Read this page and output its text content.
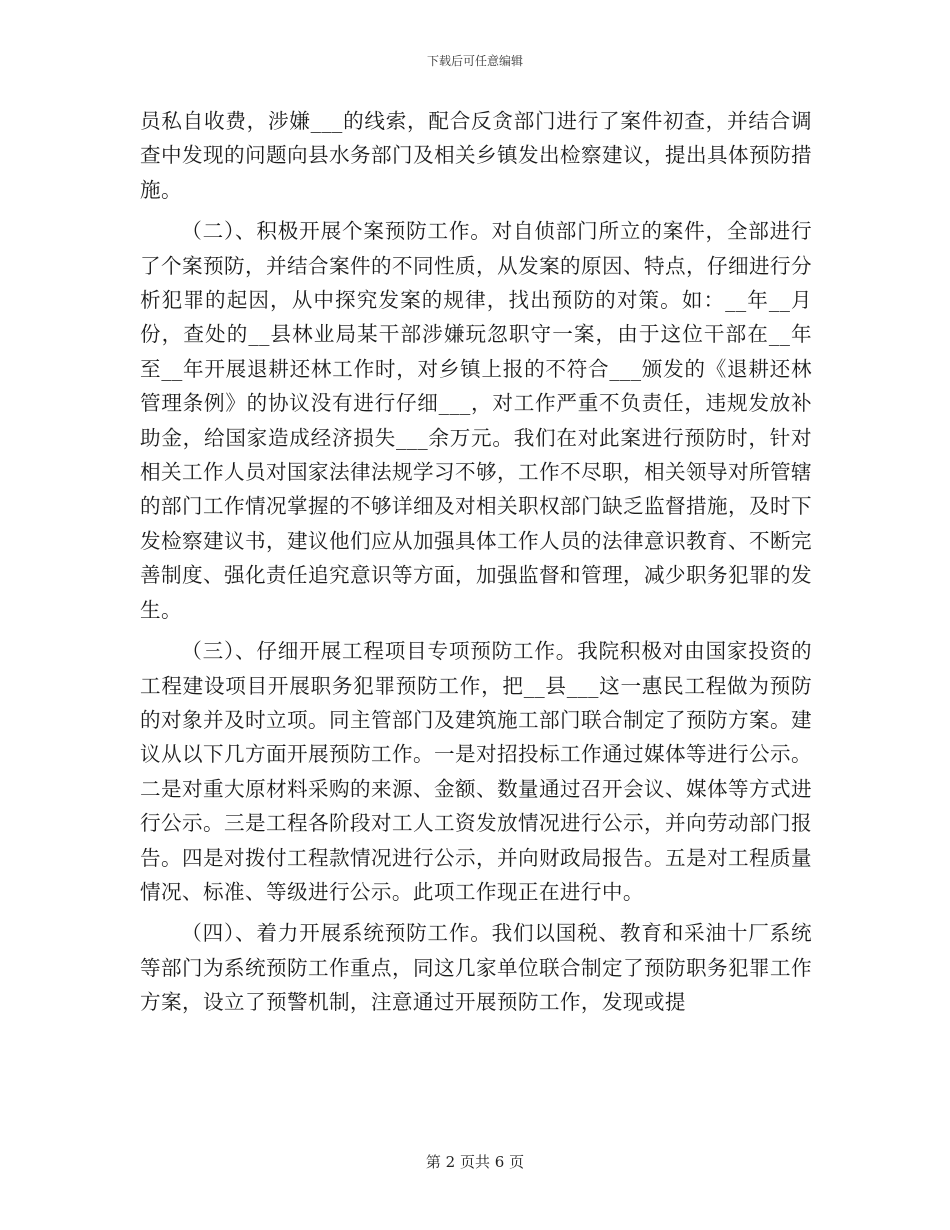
下载后可任意编辑

员私自收费，涉嫌___的线索，配合反贪部门进行了案件初查，并结合调查中发现的问题向县水务部门及相关乡镇发出检察建议，提出具体预防措施。

（二）、积极开展个案预防工作。对自侦部门所立的案件，全部进行了个案预防，并结合案件的不同性质，从发案的原因、特点，仔细进行分析犯罪的起因，从中探究发案的规律，找出预防的对策。如：__年__月份，查处的__县林业局某干部涉嫌玩忽职守一案，由于这位干部在__年至__年开展退耕还林工作时，对乡镇上报的不符合___颁发的《退耕还林管理条例》的协议没有进行仔细___，对工作严重不负责任，违规发放补助金，给国家造成经济损失___余万元。我们在对此案进行预防时，针对相关工作人员对国家法律法规学习不够，工作不尽职，相关领导对所管辖的部门工作情况掌握的不够详细及对相关职权部门缺乏监督措施，及时下发检察建议书，建议他们应从加强具体工作人员的法律意识教育、不断完善制度、强化责任追究意识等方面，加强监督和管理，减少职务犯罪的发生。

（三）、仔细开展工程项目专项预防工作。我院积极对由国家投资的工程建设项目开展职务犯罪预防工作，把__县___这一惠民工程做为预防的对象并及时立项。同主管部门及建筑施工部门联合制定了预防方案。建议从以下几方面开展预防工作。一是对招投标工作通过媒体等进行公示。二是对重大原材料采购的来源、金额、数量通过召开会议、媒体等方式进行公示。三是工程各阶段对工人工资发放情况进行公示，并向劳动部门报告。四是对拨付工程款情况进行公示，并向财政局报告。五是对工程质量情况、标准、等级进行公示。此项工作现正在进行中。

（四）、着力开展系统预防工作。我们以国税、教育和采油十厂系统等部门为系统预防工作重点，同这几家单位联合制定了预防职务犯罪工作方案，设立了预警机制，注意通过开展预防工作，发现或提

第 2 页共 6 页
